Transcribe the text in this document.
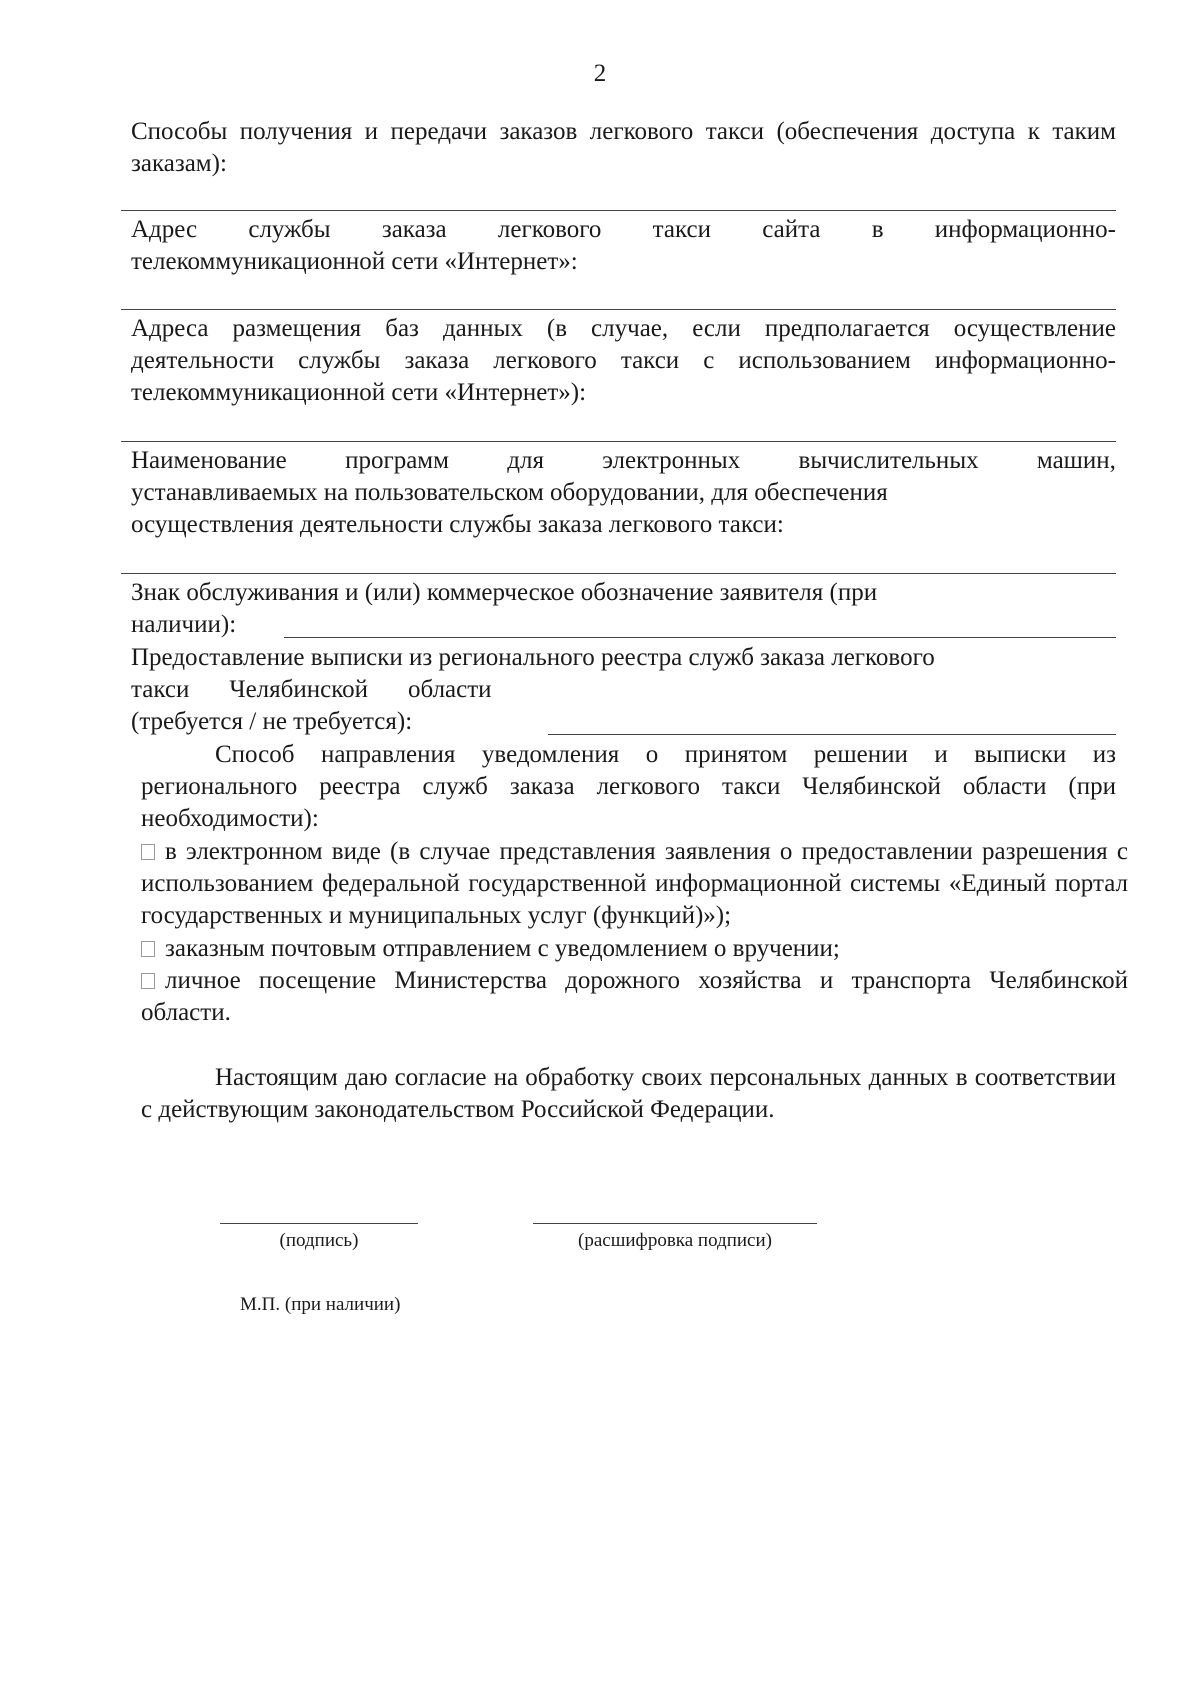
2
Способы получения и передачи заказов легкового такси (обеспечения доступа к таким заказам):
Адрес службы заказа легкового такси сайта в информационно-
телекоммуникационной сети «Интернет»:
Адреса размещения баз данных (в случае, если предполагается осуществление деятельности службы заказа легкового такси с использованием информационно-телекоммуникационной сети «Интернет»):
Наименование программ для электронных вычислительных машин,
устанавливаемых на пользовательском оборудовании, для обеспечения
осуществления деятельности службы заказа легкового такси:
Знак обслуживания и (или) коммерческое обозначение заявителя (при
наличии):
Предоставление выписки из регионального реестра служб заказа легкового
такси Челябинской области
(требуется / не требуется):
Способ направления уведомления о принятом решении и выписки из регионального реестра служб заказа легкового такси Челябинской области (при необходимости):
в электронном виде (в случае представления заявления о предоставлении разрешения с использованием федеральной государственной информационной системы «Единый портал государственных и муниципальных услуг (функций)»);
заказным почтовым отправлением с уведомлением о вручении;
личное посещение Министерства дорожного хозяйства и транспорта Челябинской области.
Настоящим даю согласие на обработку своих персональных данных в соответствии с действующим законодательством Российской Федерации.
(подпись)	(расшифровка подписи)
М.П. (при наличии)
